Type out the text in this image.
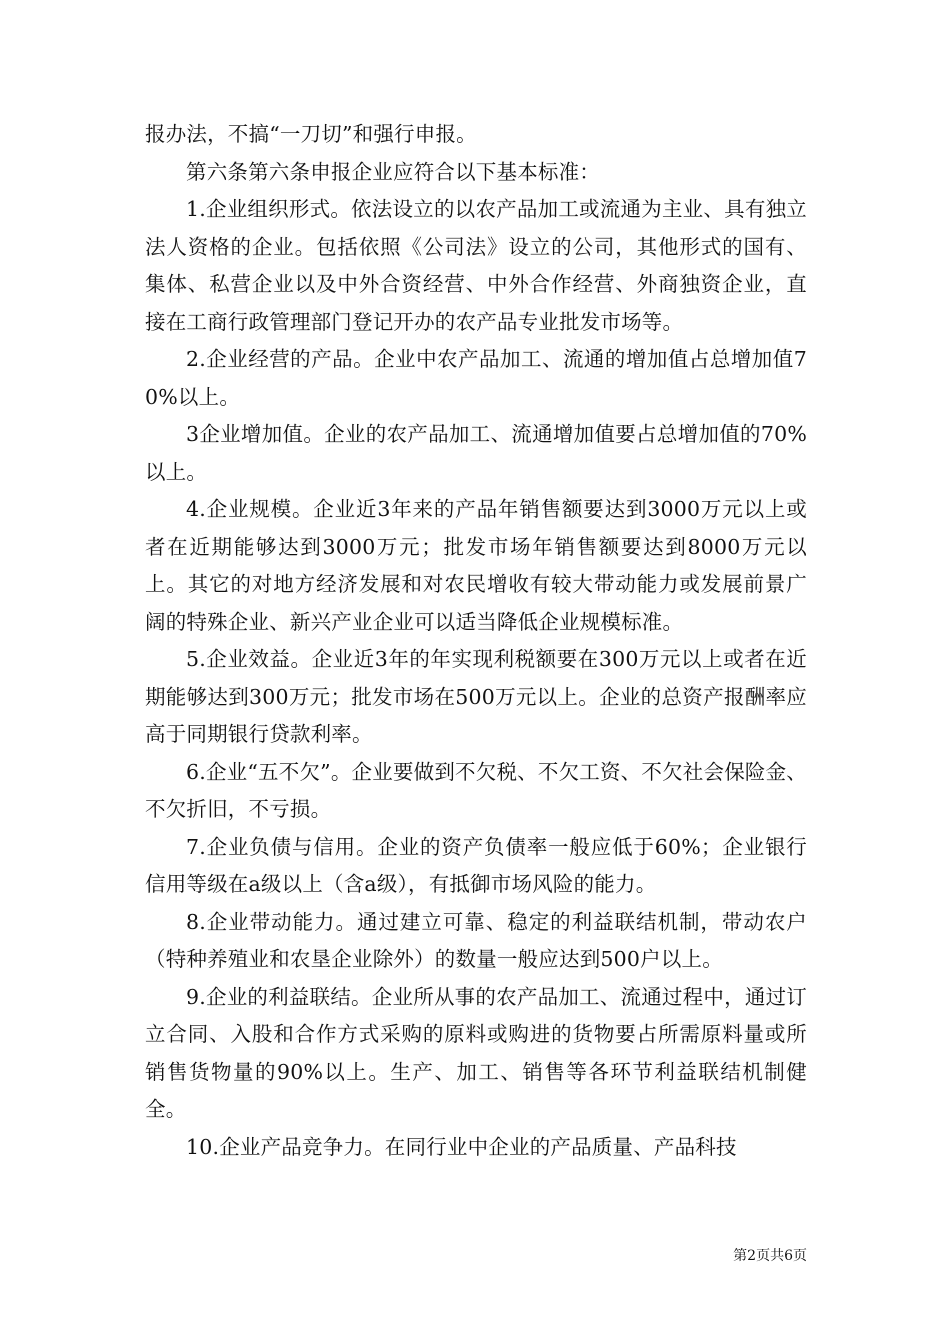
报办法，不搞“一刀切”和强行申报。

第六条第六条申报企业应符合以下基本标准：

1.企业组织形式。依法设立的以农产品加工或流通为主业、具有独立法人资格的企业。包括依照《公司法》设立的公司，其他形式的国有、集体、私营企业以及中外合资经营、中外合作经营、外商独资企业，直接在工商行政管理部门登记开办的农产品专业批发市场等。

2.企业经营的产品。企业中农产品加工、流通的增加值占总增加值70%以上。

3企业增加值。企业的农产品加工、流通增加值要占总增加值的70%以上。

4.企业规模。企业近3年来的产品年销售额要达到3000万元以上或者在近期能够达到3000万元；批发市场年销售额要达到8000万元以上。其它的对地方经济发展和对农民增收有较大带动能力或发展前景广阔的特殊企业、新兴产业企业可以适当降低企业规模标准。

5.企业效益。企业近3年的年实现利税额要在300万元以上或者在近期能够达到300万元；批发市场在500万元以上。企业的总资产报酬率应高于同期银行贷款利率。

6.企业“五不欠”。企业要做到不欠税、不欠工资、不欠社会保险金、不欠折旧，不亏损。

7.企业负债与信用。企业的资产负债率一般应低于60%；企业银行信用等级在a级以上（含a级），有抵御市场风险的能力。

8.企业带动能力。通过建立可靠、稳定的利益联结机制，带动农户（特种养殖业和农垦企业除外）的数量一般应达到500户以上。

9.企业的利益联结。企业所从事的农产品加工、流通过程中，通过订立合同、入股和合作方式采购的原料或购进的货物要占所需原料量或所销售货物量的90%以上。生产、加工、销售等各环节利益联结机制健全。

10.企业产品竞争力。在同行业中企业的产品质量、产品科技

第2页共6页
